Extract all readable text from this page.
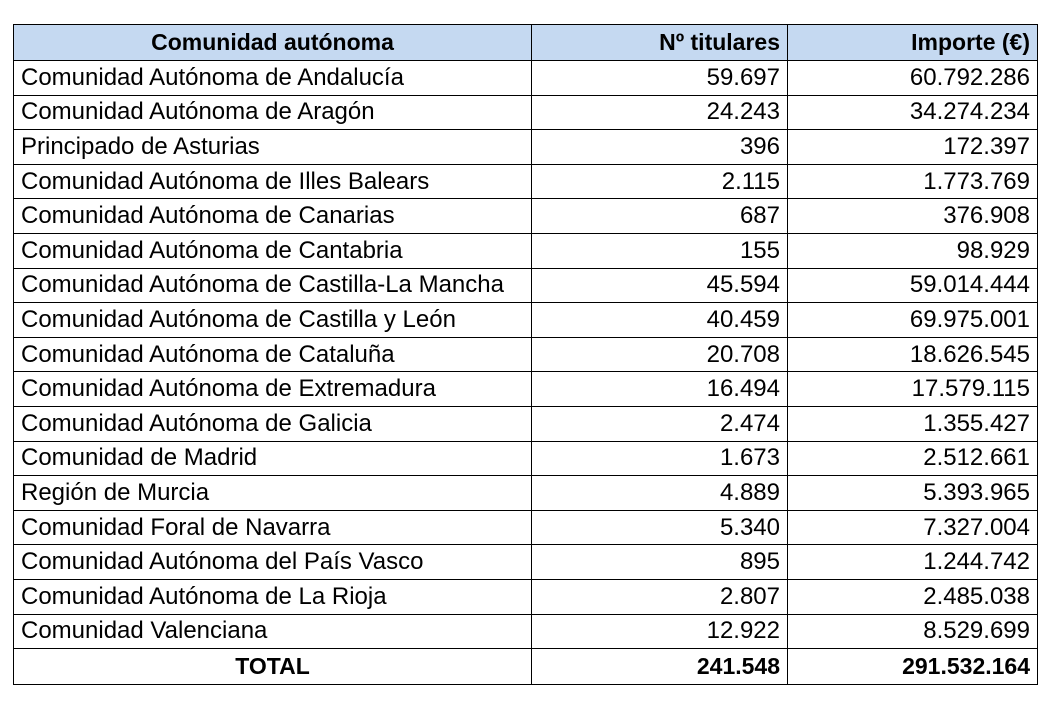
Comunidad autónoma	Nº titulares	Importe (€)
Comunidad Autónoma de Andalucía	59.697	60.792.286
Comunidad Autónoma de Aragón	24.243	34.274.234
Principado de Asturias	396	172.397
Comunidad Autónoma de Illes Balears	2.115	1.773.769
Comunidad Autónoma de Canarias	687	376.908
Comunidad Autónoma de Cantabria	155	98.929
Comunidad Autónoma de Castilla-La Mancha	45.594	59.014.444
Comunidad Autónoma de Castilla y León	40.459	69.975.001
Comunidad Autónoma de Cataluña	20.708	18.626.545
Comunidad Autónoma de Extremadura	16.494	17.579.115
Comunidad Autónoma de Galicia	2.474	1.355.427
Comunidad de Madrid	1.673	2.512.661
Región de Murcia	4.889	5.393.965
Comunidad Foral de Navarra	5.340	7.327.004
Comunidad Autónoma del País Vasco	895	1.244.742
Comunidad Autónoma de La Rioja	2.807	2.485.038
Comunidad Valenciana	12.922	8.529.699
TOTAL	241.548	291.532.164
